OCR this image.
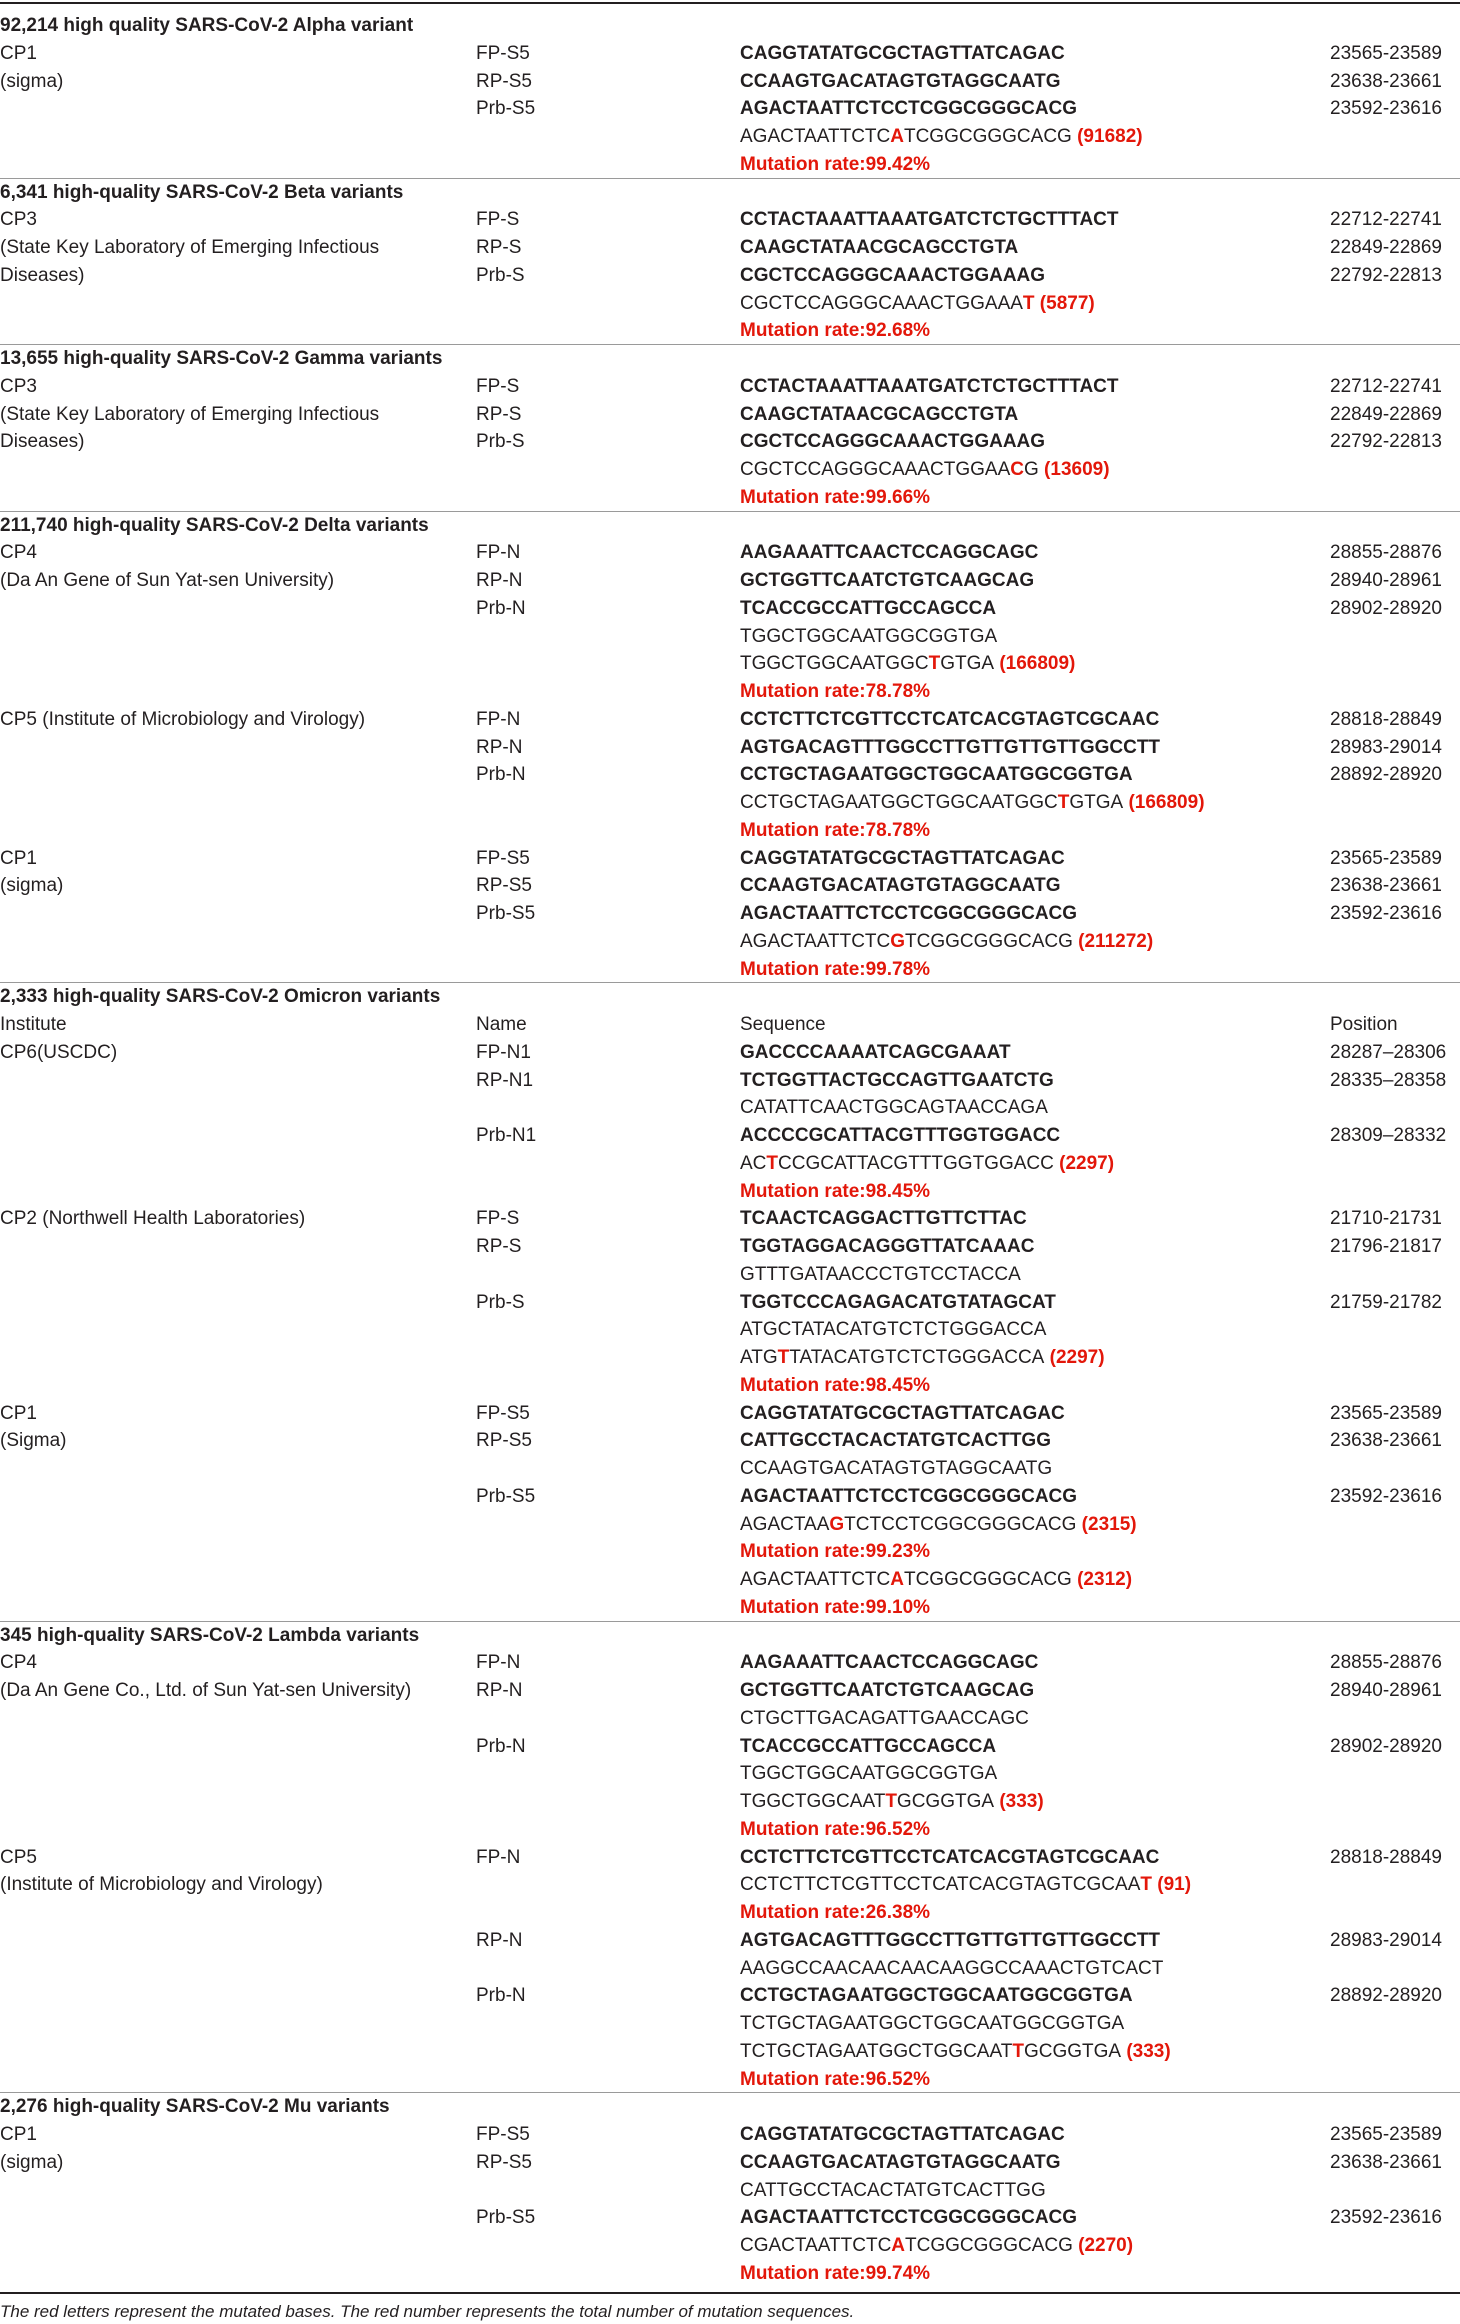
92,214 high quality SARS-CoV-2 Alpha variant
CP1	FP-S5	CAGGTATATGCGCTAGTTATCAGAC	23565-23589
(sigma)	RP-S5	CCAAGTGACATAGTGTAGGCAATG	23638-23661
Prb-S5	AGACTAATTCTCCTCGGCGGGCACG	23592-23616
AGACTAATTCTCATCGGCGGGCACG (91682)
Mutation rate:99.42%
6,341 high-quality SARS-CoV-2 Beta variants
CP3	FP-S	CCTACTAAATTAAATGATCTCTGCTTTACT	22712-22741
(State Key Laboratory of Emerging Infectious	RP-S	CAAGCTATAACGCAGCCTGTA	22849-22869
Diseases)	Prb-S	CGCTCCAGGGCAAACTGGAAAG	22792-22813
CGCTCCAGGGCAAACTGGAAAT (5877)
Mutation rate:92.68%
13,655 high-quality SARS-CoV-2 Gamma variants
CP3	FP-S	CCTACTAAATTAAATGATCTCTGCTTTACT	22712-22741
(State Key Laboratory of Emerging Infectious	RP-S	CAAGCTATAACGCAGCCTGTA	22849-22869
Diseases)	Prb-S	CGCTCCAGGGCAAACTGGAAAG	22792-22813
CGCTCCAGGGCAAACTGGAACG (13609)
Mutation rate:99.66%
211,740 high-quality SARS-CoV-2 Delta variants
CP4	FP-N	AAGAAATTCAACTCCAGGCAGC	28855-28876
(Da An Gene of Sun Yat-sen University)	RP-N	GCTGGTTCAATCTGTCAAGCAG	28940-28961
Prb-N	TCACCGCCATTGCCAGCCA	28902-28920
TGGCTGGCAATGGCGGTGA
TGGCTGGCAATGGCTGTGA (166809)
Mutation rate:78.78%
CP5 (Institute of Microbiology and Virology)	FP-N	CCTCTTCTCGTTCCTCATCACGTAGTCGCAAC	28818-28849
RP-N	AGTGACAGTTTGGCCTTGTTGTTGTTGGCCTT	28983-29014
Prb-N	CCTGCTAGAATGGCTGGCAATGGCGGTGA	28892-28920
CCTGCTAGAATGGCTGGCAATGGCTGTGA (166809)
Mutation rate:78.78%
CP1	FP-S5	CAGGTATATGCGCTAGTTATCAGAC	23565-23589
(sigma)	RP-S5	CCAAGTGACATAGTGTAGGCAATG	23638-23661
Prb-S5	AGACTAATTCTCCTCGGCGGGCACG	23592-23616
AGACTAATTCTCGTCGGCGGGCACG (211272)
Mutation rate:99.78%
2,333 high-quality SARS-CoV-2 Omicron variants
Institute	Name	Sequence	Position
CP6(USCDC)	FP-N1	GACCCCAAAATCAGCGAAAT	28287–28306
RP-N1	TCTGGTTACTGCCAGTTGAATCTG	28335–28358
CATATTCAACTGGCAGTAACCAGA
Prb-N1	ACCCCGCATTACGTTTGGTGGACC	28309–28332
ACTCCGCATTACGTTTGGTGGACC (2297)
Mutation rate:98.45%
CP2 (Northwell Health Laboratories)	FP-S	TCAACTCAGGACTTGTTCTTAC	21710-21731
RP-S	TGGTAGGACAGGGTTATCAAAC	21796-21817
GTTTGATAACCCTGTCCTACCA
Prb-S	TGGTCCCAGAGACATGTATAGCAT	21759-21782
ATGCTATACATGTCTCTGGGACCA
ATGTTATACATGTCTCTGGGACCA (2297)
Mutation rate:98.45%
CP1	FP-S5	CAGGTATATGCGCTAGTTATCAGAC	23565-23589
(Sigma)	RP-S5	CATTGCCTACACTATGTCACTTGG	23638-23661
CCAAGTGACATAGTGTAGGCAATG
Prb-S5	AGACTAATTCTCCTCGGCGGGCACG	23592-23616
AGACTAAGTCTCCTCGGCGGGCACG (2315)
Mutation rate:99.23%
AGACTAATTCTCATCGGCGGGCACG (2312)
Mutation rate:99.10%
345 high-quality SARS-CoV-2 Lambda variants
CP4	FP-N	AAGAAATTCAACTCCAGGCAGC	28855-28876
(Da An Gene Co., Ltd. of Sun Yat-sen University)	RP-N	GCTGGTTCAATCTGTCAAGCAG	28940-28961
CTGCTTGACAGATTGAACCAGC
Prb-N	TCACCGCCATTGCCAGCCA	28902-28920
TGGCTGGCAATGGCGGTGA
TGGCTGGCAATTGCGGTGA (333)
Mutation rate:96.52%
CP5	FP-N	CCTCTTCTCGTTCCTCATCACGTAGTCGCAAC	28818-28849
(Institute of Microbiology and Virology)	CCTCTTCTCGTTCCTCATCACGTAGTCGCAAT (91)
Mutation rate:26.38%
RP-N	AGTGACAGTTTGGCCTTGTTGTTGTTGGCCTT	28983-29014
AAGGCCAACAACAACAAGGCCAAACTGTCACT
Prb-N	CCTGCTAGAATGGCTGGCAATGGCGGTGA	28892-28920
TCTGCTAGAATGGCTGGCAATGGCGGTGA
TCTGCTAGAATGGCTGGCAATTGCGGTGA (333)
Mutation rate:96.52%
2,276 high-quality SARS-CoV-2 Mu variants
CP1	FP-S5	CAGGTATATGCGCTAGTTATCAGAC	23565-23589
(sigma)	RP-S5	CCAAGTGACATAGTGTAGGCAATG	23638-23661
CATTGCCTACACTATGTCACTTGG
Prb-S5	AGACTAATTCTCCTCGGCGGGCACG	23592-23616
CGACTAATTCTCATCGGCGGGCACG (2270)
Mutation rate:99.74%
The red letters represent the mutated bases. The red number represents the total number of mutation sequences.
